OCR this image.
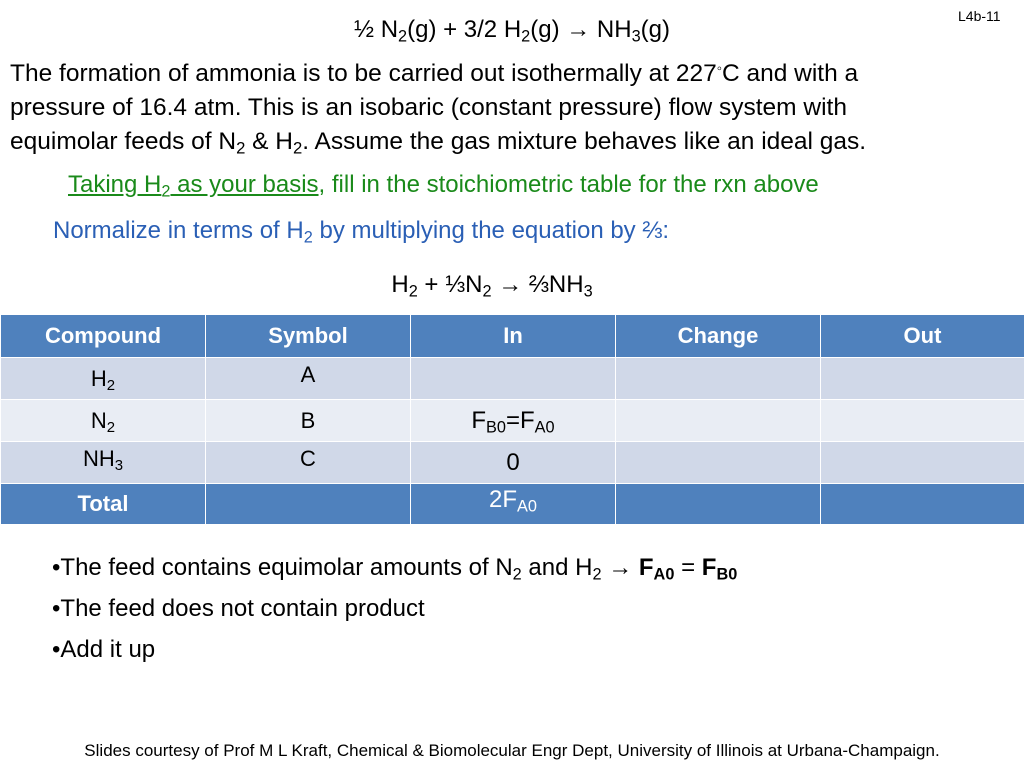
L4b-11
½ $N_2(g) + 3/2$ $H_2(g) \to NH_3(g)$
The formation of ammonia is to be carried out isothermally at 227◦C and with a
pressure of 16.4 atm. This is an isobaric (constant pressure) flow system with
equimolar feeds of $N_2$ & $H_2$. Assume the gas mixture behaves like an ideal gas.
Taking $H_2$ as your basis, fill in the stoichiometric table for the rxn above
Normalize in terms of $H_2$ by multiplying the equation by ⅔:
$H_2$ + $\frac{1}{3}N_2$ → $\frac{2}{3}NH_3$
Compound	Symbol	In	Change	Out

$H_2$	A			

$N_2$	B	$F_{B0}=F_{A0}$

$NH_3$	C	0		

Total		$2F_{A0}$

•The feed contains equimolar amounts of $N_2$ and $H_2 \to F_{A0} = F_{B0}$
•The feed does not contain product
•Add it up
Slides courtesy of Prof M L Kraft, Chemical & Biomolecular Engr Dept, University of Illinois at Urbana-Champaign.
